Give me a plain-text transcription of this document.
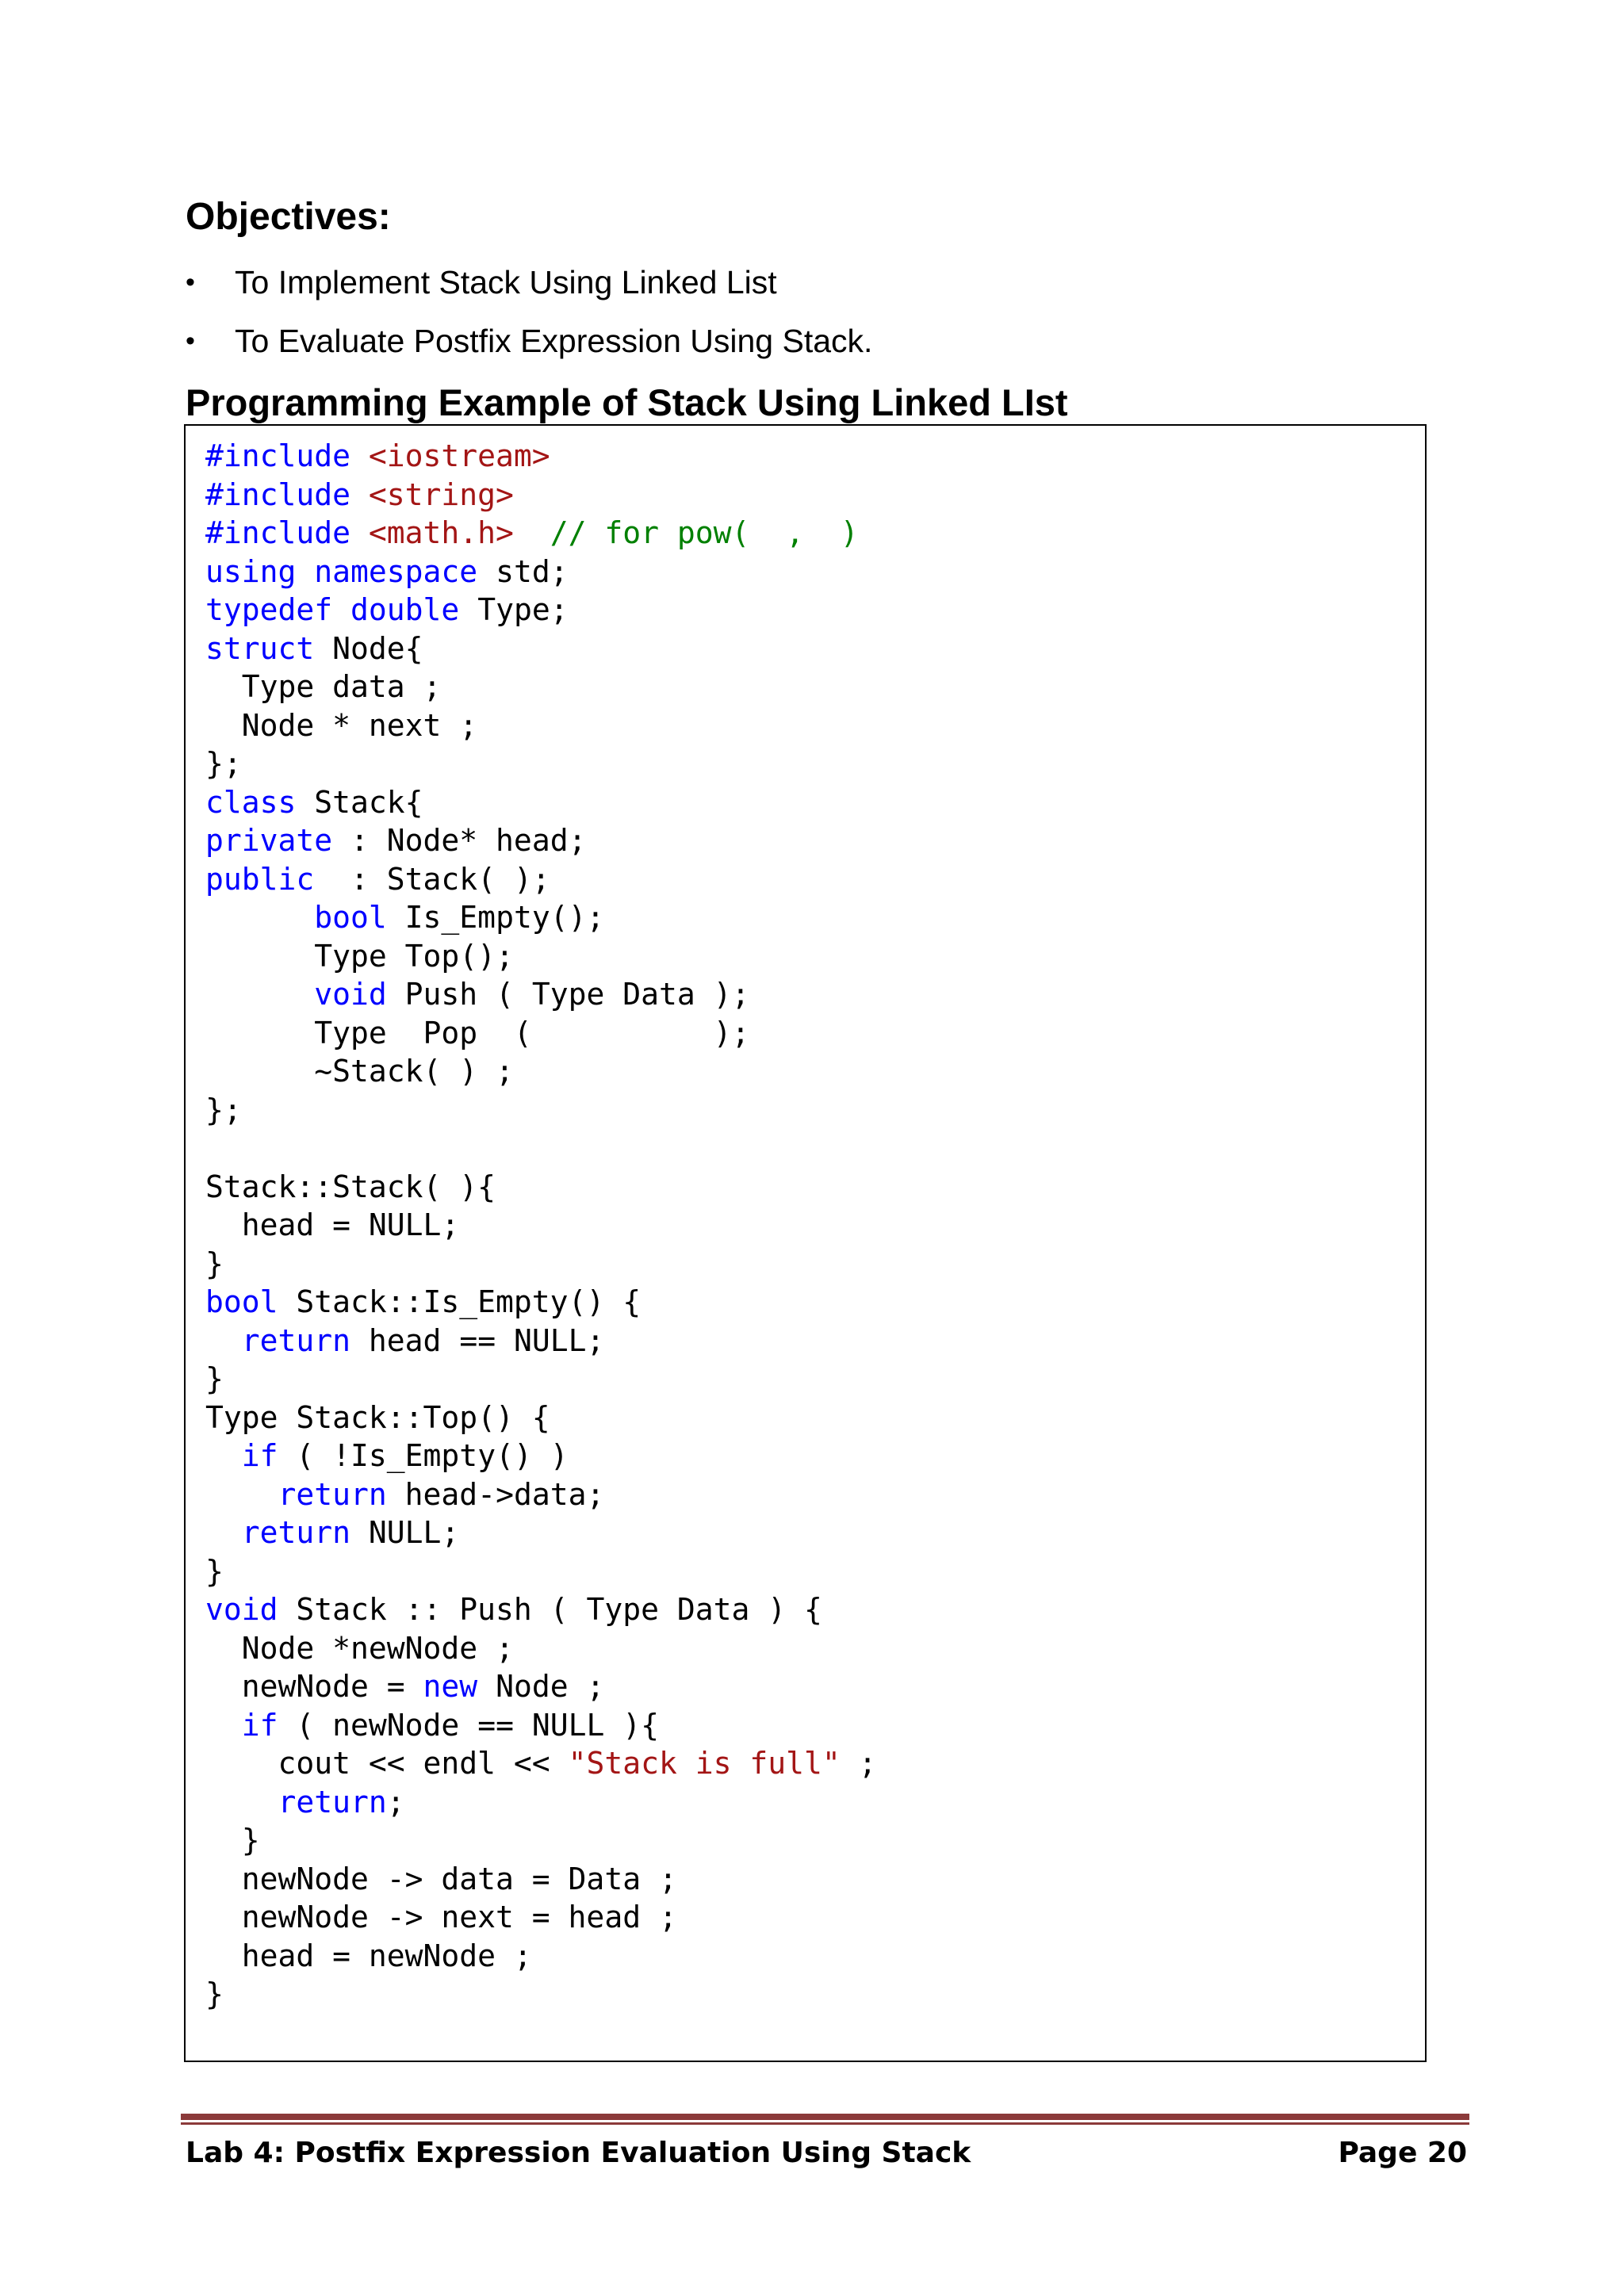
Objectives:
•	To Implement Stack Using Linked List
•	To Evaluate Postfix Expression Using Stack.
Programming Example of Stack Using Linked LIst
#include <iostream>
#include <string>
#include <math.h>  // for pow(  ,  )
using namespace std;
typedef double Type;
struct Node{
Type data ;
Node * next ;
};
class Stack{
private : Node* head;
public  : Stack( );
bool Is_Empty();
Type Top();
void Push ( Type Data );
Type  Pop  (          );
~Stack( ) ;
};
Stack::Stack( ){
head = NULL;
}
bool Stack::Is_Empty() {
return head == NULL;
}
Type Stack::Top() {
if ( !Is_Empty() )
return head->data;
return NULL;
}
void Stack :: Push ( Type Data ) {
Node *newNode ;
newNode = new Node ;
if ( newNode == NULL ){
cout << endl << "Stack is full" ;
return;
}
newNode -> data = Data ;
newNode -> next = head ;
head = newNode ;
}
Lab 4: Postfix Expression Evaluation Using Stack	Page 20
